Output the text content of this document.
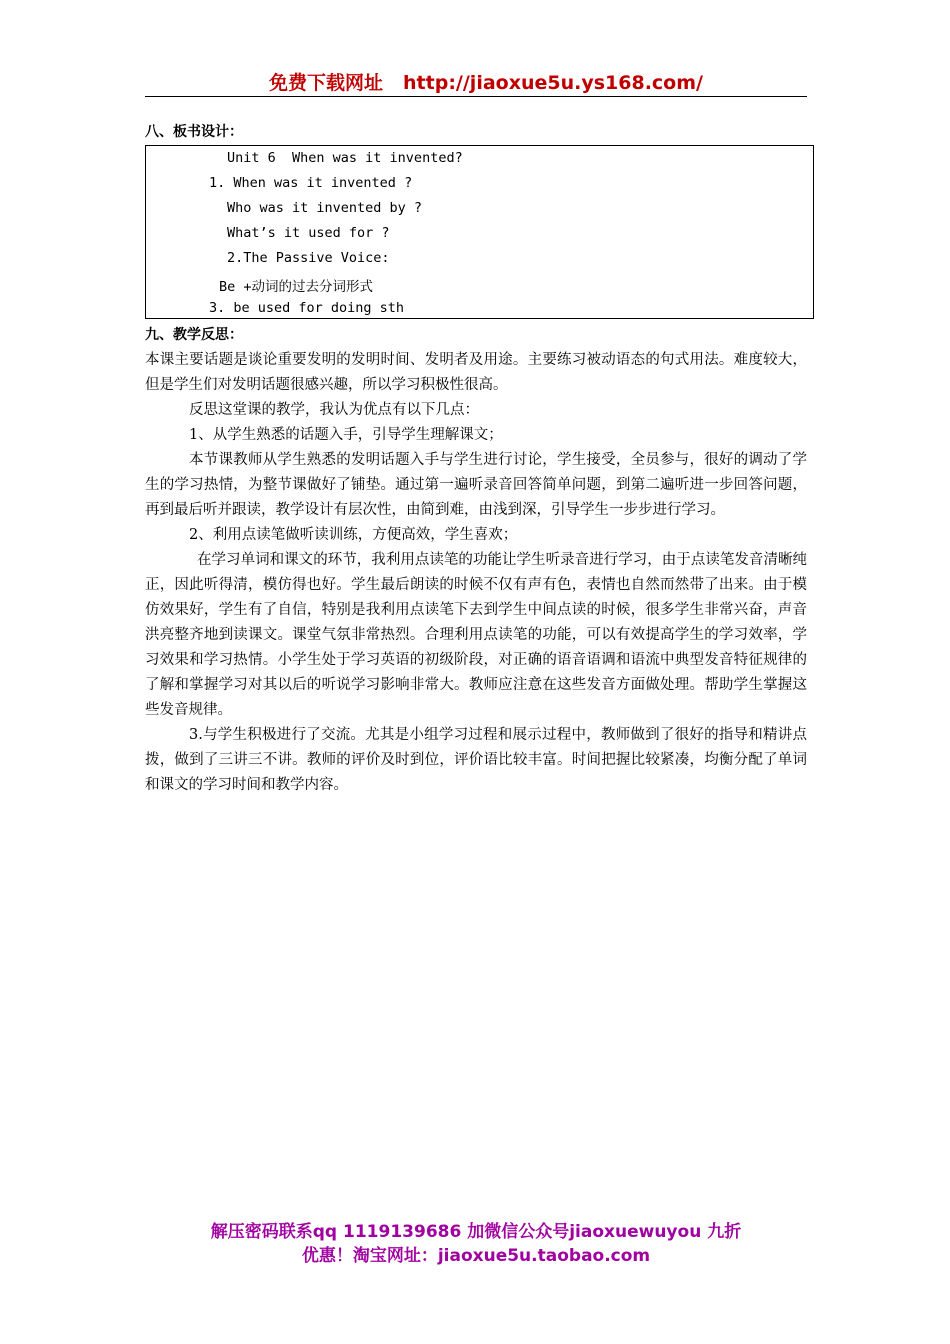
免费下载网址 http://jiaoxue5u.ys168.com/
八、板书设计：
Unit 6  When was it invented?
1. When was it invented ?
Who was it invented by ?
What’s it used for ?
2.The Passive Voice:
Be +动词的过去分词形式
3. be used for doing sth
九、教学反思：

本课主要话题是谈论重要发明的发明时间、发明者及用途。主要练习被动语态的句式用法。难度较大，但是学生们对发明话题很感兴趣，所以学习积极性很高。

反思这堂课的教学，我认为优点有以下几点：

1、从学生熟悉的话题入手，引导学生理解课文；

本节课教师从学生熟悉的发明话题入手与学生进行讨论，学生接受，全员参与，很好的调动了学生的学习热情，为整节课做好了铺垫。通过第一遍听录音回答简单问题，到第二遍听进一步回答问题，再到最后听并跟读，教学设计有层次性，由简到难，由浅到深，引导学生一步步进行学习。

2、利用点读笔做听读训练，方便高效，学生喜欢；

在学习单词和课文的环节，我利用点读笔的功能让学生听录音进行学习，由于点读笔发音清晰纯正，因此听得清，模仿得也好。学生最后朗读的时候不仅有声有色，表情也自然而然带了出来。由于模仿效果好，学生有了自信，特别是我利用点读笔下去到学生中间点读的时候，很多学生非常兴奋，声音洪亮整齐地到读课文。课堂气氛非常热烈。合理利用点读笔的功能，可以有效提高学生的学习效率，学习效果和学习热情。小学生处于学习英语的初级阶段，对正确的语音语调和语流中典型发音特征规律的了解和掌握学习对其以后的听说学习影响非常大。教师应注意在这些发音方面做处理。帮助学生掌握这些发音规律。

3.与学生积极进行了交流。尤其是小组学习过程和展示过程中，教师做到了很好的指导和精讲点拨，做到了三讲三不讲。教师的评价及时到位，评价语比较丰富。时间把握比较紧凑，均衡分配了单词和课文的学习时间和教学内容。

解压密码联系qq 1119139686 加微信公众号jiaoxuewuyou 九折
优惠！淘宝网址：jiaoxue5u.taobao.com
